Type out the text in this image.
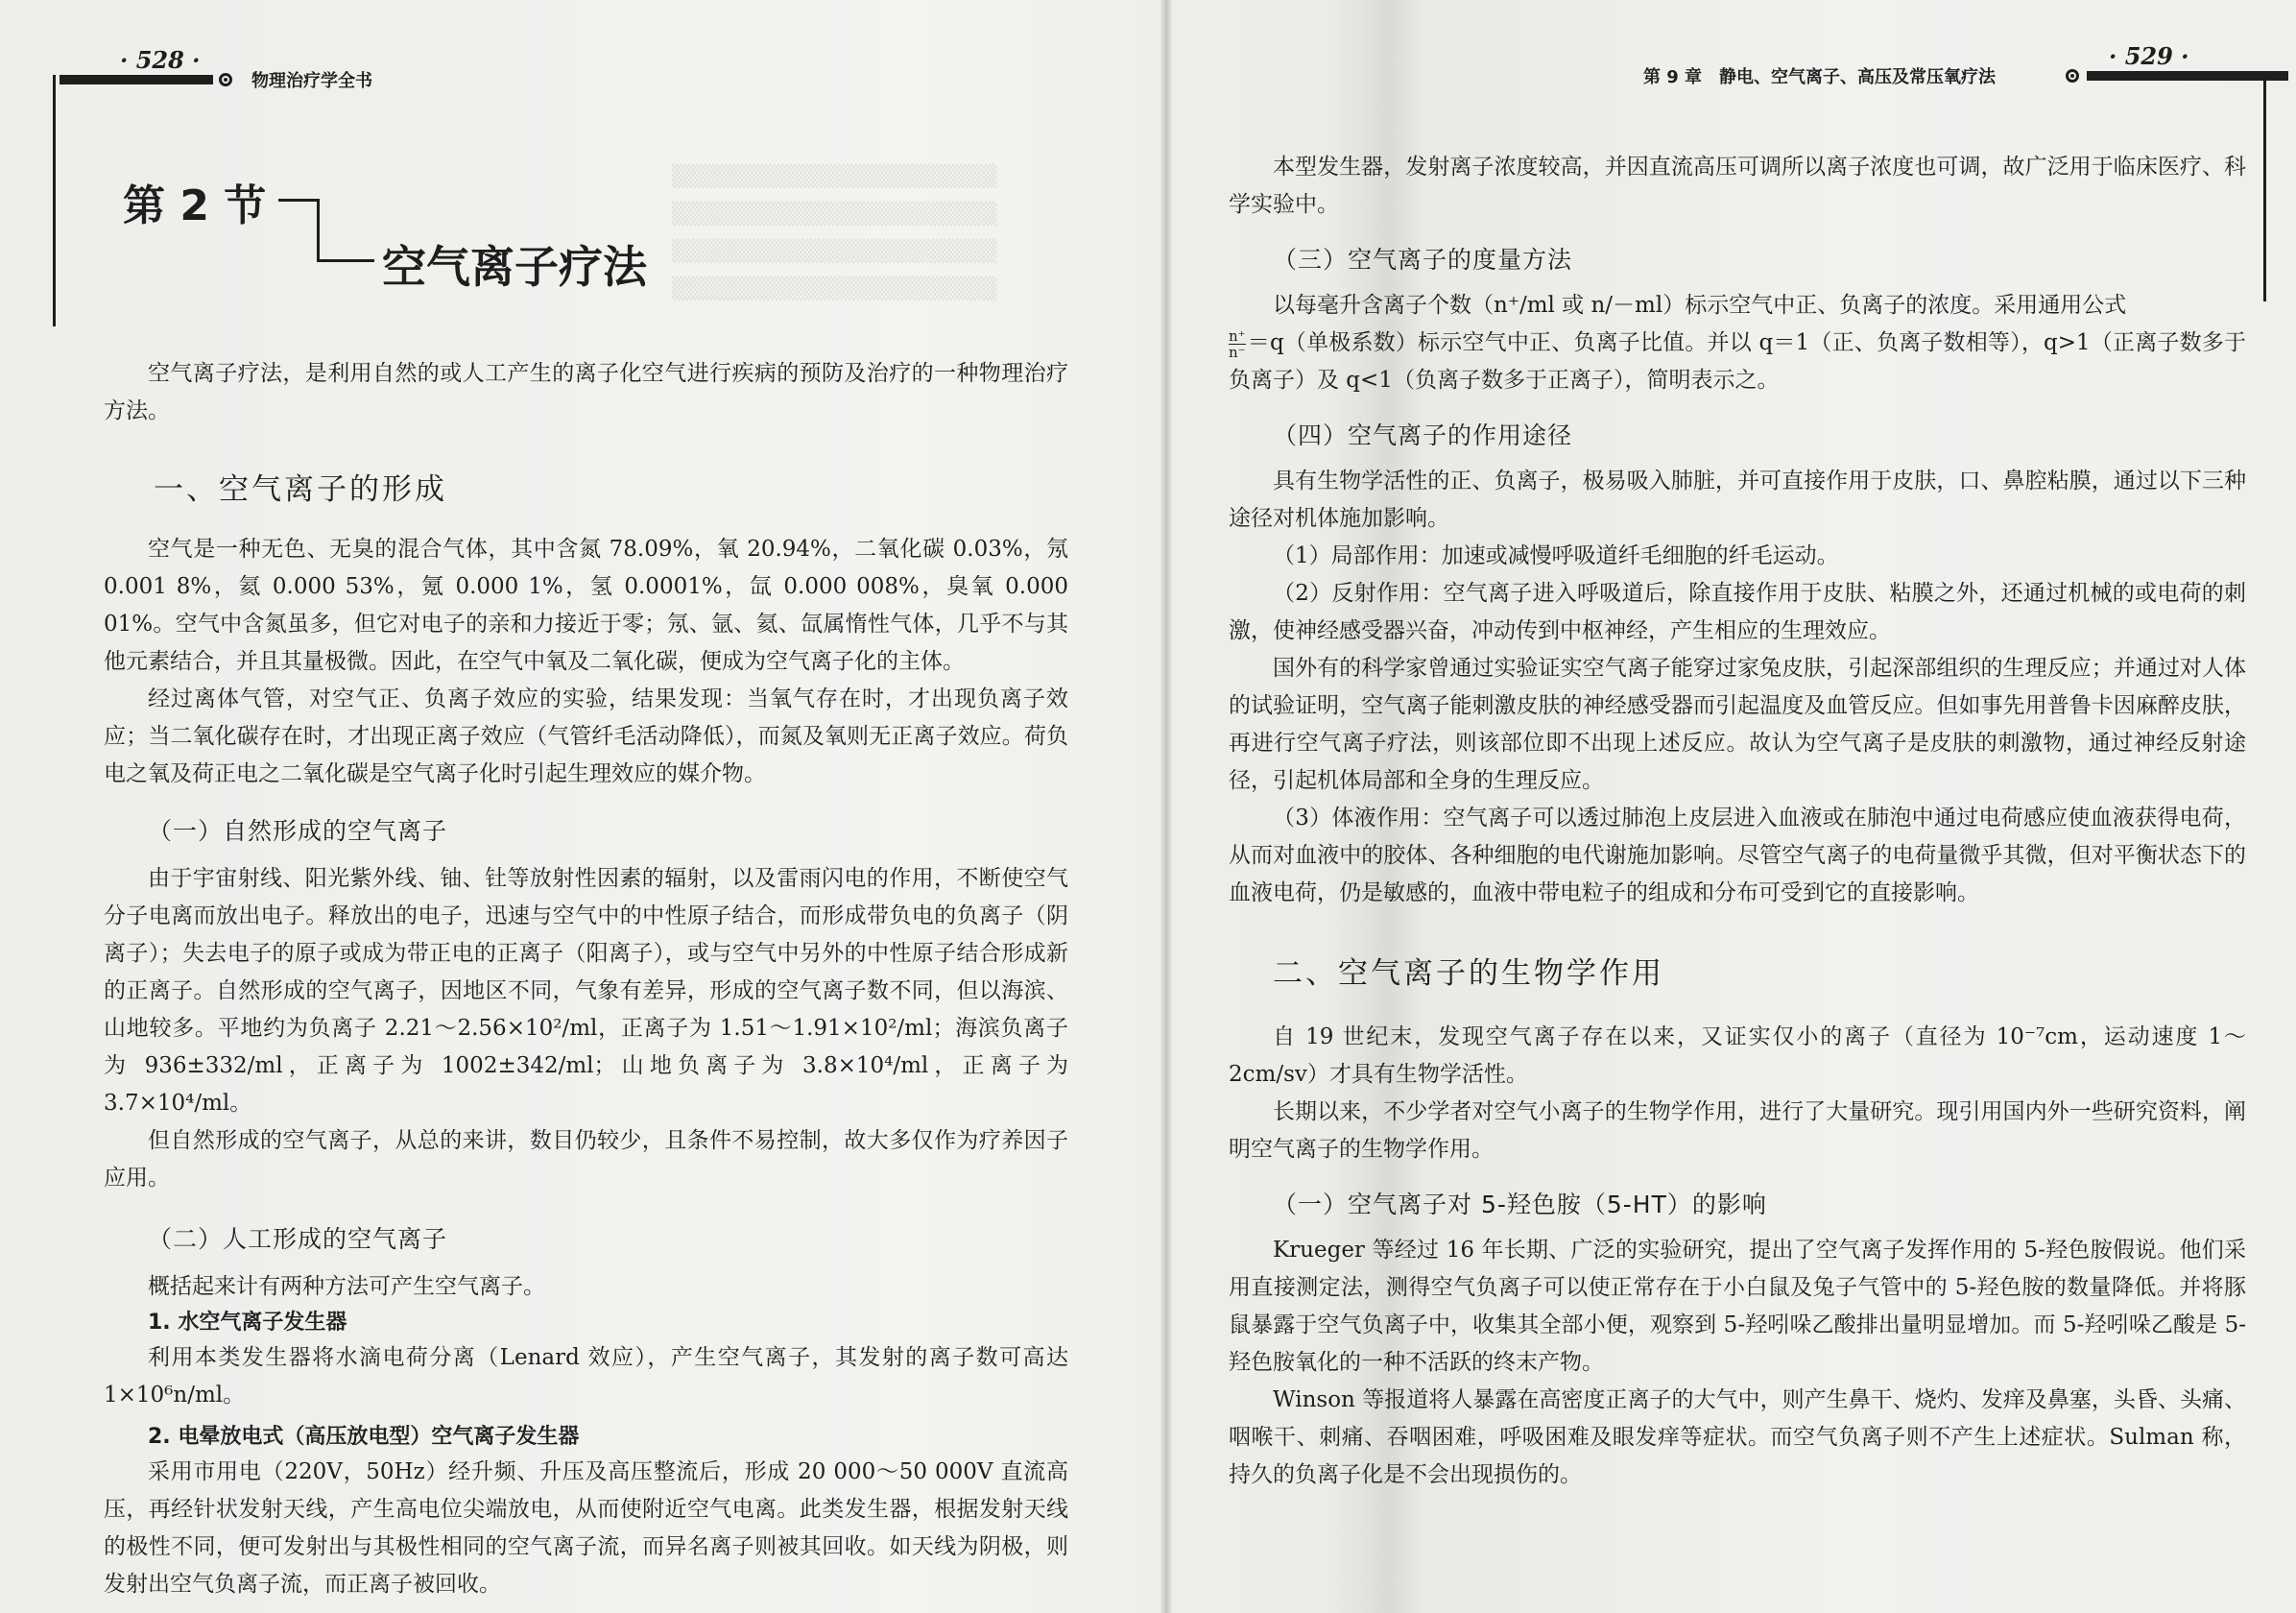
▒▒▒▒▒▒▒▒▒▒▒▒▒▒▒▒▒▒▒▒
▒▒▒▒▒▒▒▒▒▒▒▒▒▒▒▒▒▒▒▒
▒▒▒▒▒▒▒▒▒▒▒▒▒▒▒▒▒▒▒▒
▒▒▒▒▒▒▒▒▒▒▒▒▒▒▒▒▒▒▒▒
· 528 ·
物理治疗学全书
第 2 节
空气离子疗法

空气离子疗法，是利用自然的或人工产生的离子化空气进行疾病的预防及治疗的一种物理治疗方法。

一、空气离子的形成

空气是一种无色、无臭的混合气体，其中含氮 78.09%，氧 20.94%，二氧化碳 0.03%，氖 0.001 8%，氦 0.000 53%，氪 0.000 1%，氢 0.0001%，氙 0.000 008%，臭氧 0.000 01%。空气中含氮虽多，但它对电子的亲和力接近于零；氖、氩、氦、氙属惰性气体，几乎不与其他元素结合，并且其量极微。因此，在空气中氧及二氧化碳，便成为空气离子化的主体。

经过离体气管，对空气正、负离子效应的实验，结果发现：当氧气存在时，才出现负离子效应；当二氧化碳存在时，才出现正离子效应（气管纤毛活动降低），而氮及氧则无正离子效应。荷负电之氧及荷正电之二氧化碳是空气离子化时引起生理效应的媒介物。

（一）自然形成的空气离子

由于宇宙射线、阳光紫外线、铀、钍等放射性因素的辐射，以及雷雨闪电的作用，不断使空气分子电离而放出电子。释放出的电子，迅速与空气中的中性原子结合，而形成带负电的负离子（阴离子）；失去电子的原子或成为带正电的正离子（阳离子），或与空气中另外的中性原子结合形成新的正离子。自然形成的空气离子，因地区不同，气象有差异，形成的空气离子数不同，但以海滨、山地较多。平地约为负离子 2.21～2.56×10²/ml，正离子为 1.51～1.91×10²/ml；海滨负离子为 936±332/ml，正离子为 1002±342/ml；山地负离子为 3.8×10⁴/ml，正离子为 3.7×10⁴/ml。

但自然形成的空气离子，从总的来讲，数目仍较少，且条件不易控制，故大多仅作为疗养因子应用。

（二）人工形成的空气离子

概括起来计有两种方法可产生空气离子。

1. 水空气离子发生器

利用本类发生器将水滴电荷分离（Lenard 效应），产生空气离子，其发射的离子数可高达 1×10⁶n/ml。

2. 电晕放电式（高压放电型）空气离子发生器

采用市用电（220V，50Hz）经升频、升压及高压整流后，形成 20 000～50 000V 直流高压，再经针状发射天线，产生高电位尖端放电，从而使附近空气电离。此类发生器，根据发射天线的极性不同，便可发射出与其极性相同的空气离子流，而异名离子则被其回收。如天线为阴极，则发射出空气负离子流，而正离子被回收。

第 9 章　静电、空气离子、高压及常压氧疗法
· 529 ·

本型发生器，发射离子浓度较高，并因直流高压可调所以离子浓度也可调，故广泛用于临床医疗、科学实验中。

（三）空气离子的度量方法

以每毫升含离子个数（n⁺/ml 或 n/－ml）标示空气中正、负离子的浓度。采用通用公式

$\frac{n^+}{n^-} =q$（单极系数）标示空气中正、负离子比值。并以 q＝1（正、负离子数相等），q>1（正离子数多于负离子）及 q<1（负离子数多于正离子），简明表示之。

（四）空气离子的作用途径

具有生物学活性的正、负离子，极易吸入肺脏，并可直接作用于皮肤，口、鼻腔粘膜，通过以下三种途径对机体施加影响。

（1）局部作用：加速或减慢呼吸道纤毛细胞的纤毛运动。

（2）反射作用：空气离子进入呼吸道后，除直接作用于皮肤、粘膜之外，还通过机械的或电荷的刺激，使神经感受器兴奋，冲动传到中枢神经，产生相应的生理效应。

国外有的科学家曾通过实验证实空气离子能穿过家兔皮肤，引起深部组织的生理反应；并通过对人体的试验证明，空气离子能刺激皮肤的神经感受器而引起温度及血管反应。但如事先用普鲁卡因麻醉皮肤，再进行空气离子疗法，则该部位即不出现上述反应。故认为空气离子是皮肤的刺激物，通过神经反射途径，引起机体局部和全身的生理反应。

（3）体液作用：空气离子可以透过肺泡上皮层进入血液或在肺泡中通过电荷感应使血液获得电荷，从而对血液中的胶体、各种细胞的电代谢施加影响。尽管空气离子的电荷量微乎其微，但对平衡状态下的血液电荷，仍是敏感的，血液中带电粒子的组成和分布可受到它的直接影响。

二、空气离子的生物学作用

自 19 世纪末，发现空气离子存在以来，又证实仅小的离子（直径为 10⁻⁷cm，运动速度 1～2cm/sv）才具有生物学活性。

长期以来，不少学者对空气小离子的生物学作用，进行了大量研究。现引用国内外一些研究资料，阐明空气离子的生物学作用。

（一）空气离子对 5-羟色胺（5-HT）的影响

Krueger 等经过 16 年长期、广泛的实验研究，提出了空气离子发挥作用的 5-羟色胺假说。他们采用直接测定法，测得空气负离子可以使正常存在于小白鼠及兔子气管中的 5-羟色胺的数量降低。并将豚鼠暴露于空气负离子中，收集其全部小便，观察到 5-羟吲哚乙酸排出量明显增加。而 5-羟吲哚乙酸是 5-羟色胺氧化的一种不活跃的终末产物。

Winson 等报道将人暴露在高密度正离子的大气中，则产生鼻干、烧灼、发痒及鼻塞，头昏、头痛、咽喉干、刺痛、吞咽困难，呼吸困难及眼发痒等症状。而空气负离子则不产生上述症状。Sulman 称，持久的负离子化是不会出现损伤的。
